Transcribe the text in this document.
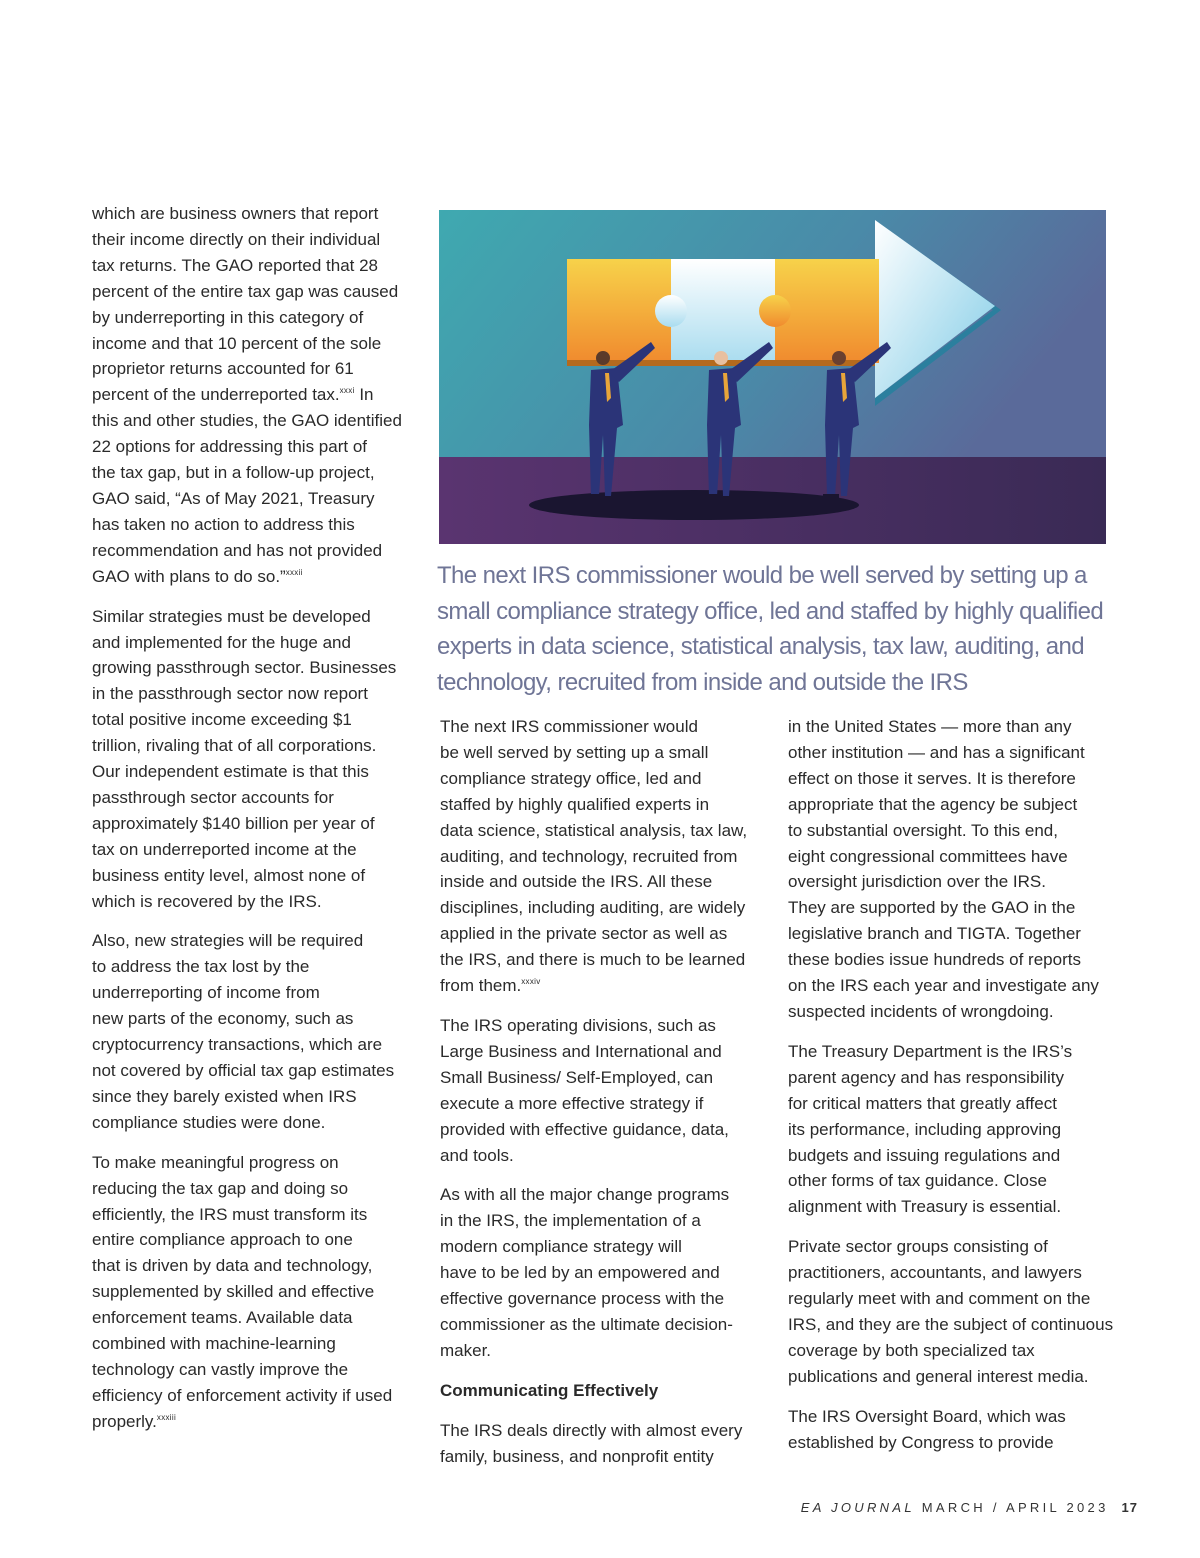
which are business owners that report
their income directly on their individual
tax returns. The GAO reported that 28
percent of the entire tax gap was caused
by underreporting in this category of
income and that 10 percent of the sole
proprietor returns accounted for 61
percent of the underreported tax.$^{xxxi}$ In
this and other studies, the GAO identified
22 options for addressing this part of
the tax gap, but in a follow-up project,
GAO said, “As of May 2021, Treasury
has taken no action to address this
recommendation and has not provided
GAO with plans to do so.”$^{xxxii}$

Similar strategies must be developed
and implemented for the huge and
growing passthrough sector. Businesses
in the passthrough sector now report
total positive income exceeding $1
trillion, rivaling that of all corporations.
Our independent estimate is that this
passthrough sector accounts for
approximately $140 billion per year of
tax on underreported income at the
business entity level, almost none of
which is recovered by the IRS.

Also, new strategies will be required
to address the tax lost by the
underreporting of income from
new parts of the economy, such as
cryptocurrency transactions, which are
not covered by official tax gap estimates
since they barely existed when IRS
compliance studies were done.

To make meaningful progress on
reducing the tax gap and doing so
efficiently, the IRS must transform its
entire compliance approach to one
that is driven by data and technology,
supplemented by skilled and effective
enforcement teams. Available data
combined with machine-learning
technology can vastly improve the
efficiency of enforcement activity if used
properly.$^{xxxiii}$

The next IRS commissioner would be well served by setting up a small compliance strategy office, led and staffed by highly qualified experts in data science, statistical analysis, tax law, auditing, and technology, recruited from inside and outside the IRS

The next IRS commissioner would
be well served by setting up a small
compliance strategy office, led and
staffed by highly qualified experts in
data science, statistical analysis, tax law,
auditing, and technology, recruited from
inside and outside the IRS. All these
disciplines, including auditing, are widely
applied in the private sector as well as
the IRS, and there is much to be learned
from them.$^{xxxiv}$

The IRS operating divisions, such as
Large Business and International and
Small Business/ Self-Employed, can
execute a more effective strategy if
provided with effective guidance, data,
and tools.

As with all the major change programs
in the IRS, the implementation of a
modern compliance strategy will
have to be led by an empowered and
effective governance process with the
commissioner as the ultimate decision-
maker.

Communicating Effectively

The IRS deals directly with almost every
family, business, and nonprofit entity

in the United States — more than any
other institution — and has a significant
effect on those it serves. It is therefore
appropriate that the agency be subject
to substantial oversight. To this end,
eight congressional committees have
oversight jurisdiction over the IRS.
They are supported by the GAO in the
legislative branch and TIGTA. Together
these bodies issue hundreds of reports
on the IRS each year and investigate any
suspected incidents of wrongdoing.

The Treasury Department is the IRS’s
parent agency and has responsibility
for critical matters that greatly affect
its performance, including approving
budgets and issuing regulations and
other forms of tax guidance. Close
alignment with Treasury is essential.

Private sector groups consisting of
practitioners, accountants, and lawyers
regularly meet with and comment on the
IRS, and they are the subject of continuous
coverage by both specialized tax
publications and general interest media.

The IRS Oversight Board, which was
established by Congress to provide

EA JOURNAL MARCH / APRIL 2023 17
